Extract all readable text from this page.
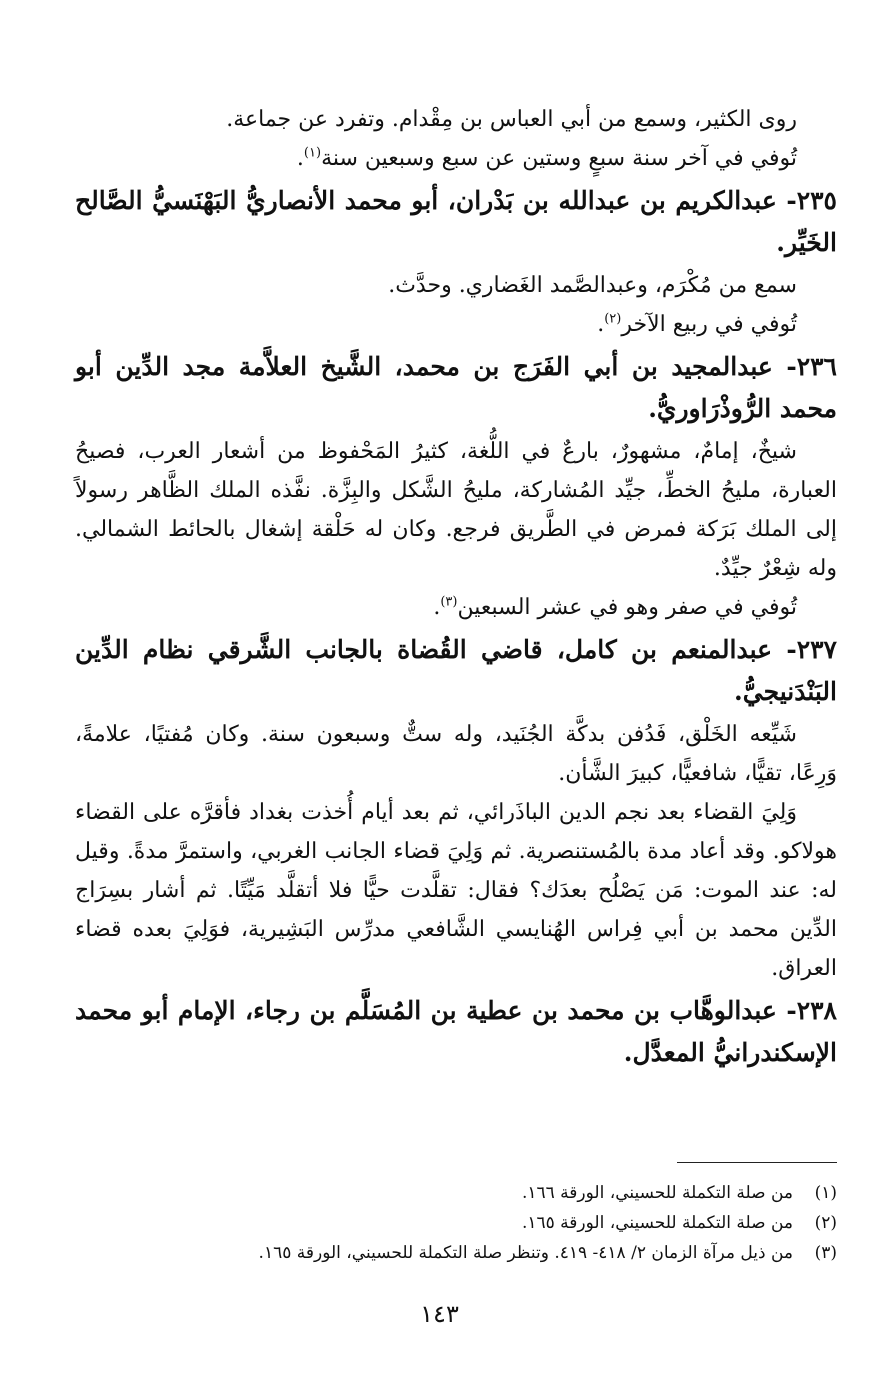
روى الكثير، وسمع من أبي العباس بن مِقْدام. وتفرد عن جماعة.

تُوفي في آخر سنة سبعٍ وستين عن سبع وسبعين سنة$^{(١)}$.

٢٣٥- عبدالكريم بن عبدالله بن بَدْران، أبو محمد الأنصاريُّ البَهْنَسيُّ الصَّالح الخَيِّر.

سمع من مُكْرَم، وعبدالصَّمد الغَضاري. وحدَّث.

تُوفي في ربيع الآخر$^{(٢)}$.

٢٣٦- عبدالمجيد بن أبي الفَرَج بن محمد، الشَّيخ العلاَّمة مجد الدِّين أبو محمد الرُّوذْرَاوريُّ.

شيخٌ، إمامٌ، مشهورٌ، بارعٌ في اللُّغة، كثيرُ المَحْفوظ من أشعار العرب، فصيحُ العبارة، مليحُ الخطِّ، جيِّد المُشاركة، مليحُ الشَّكل والبِزَّة. نفَّذه الملك الظَّاهر رسولاً إلى الملك بَرَكة فمرض في الطَّريق فرجع. وكان له حَلْقة إشغال بالحائط الشمالي. وله شِعْرٌ جيِّدٌ.

تُوفي في صفر وهو في عشر السبعين$^{(٣)}$.

٢٣٧- عبدالمنعم بن كامل، قاضي القُضاة بالجانب الشَّرقي نظام الدِّين البَنْدَنيجيُّ.

شَيِّعه الخَلْق، فَدُفن بدكَّة الجُنَيد، وله ستٌّ وسبعون سنة. وكان مُفتيًا، علامةً، وَرِعًا، تقيًّا، شافعيًّا، كبيرَ الشَّأن.

وَلِيَ القضاء بعد نجم الدين الباذَرائي، ثم بعد أيام أُخذت بغداد فأقرَّه على القضاء هولاكو. وقد أعاد مدة بالمُستنصرية. ثم وَلِيَ قضاء الجانب الغربي، واستمرَّ مدةً. وقيل له: عند الموت: مَن يَصْلُح بعدَك؟ فقال: تقلَّدت حيًّا فلا أتقلَّد مَيِّتًا. ثم أشار بسِرَاج الدِّين محمد بن أبي فِراس الهُنايسي الشَّافعي مدرِّس البَشِيرية، فوَلِيَ بعده قضاء العراق.

٢٣٨- عبدالوهَّاب بن محمد بن عطية بن المُسَلَّم بن رجاء، الإمام أبو محمد الإسكندرانيُّ المعدَّل.

(١)
من صلة التكملة للحسيني، الورقة ١٦٦.

(٢)
من صلة التكملة للحسيني، الورقة ١٦٥.

(٣)
من ذيل مرآة الزمان ٢/ ٤١٨- ٤١٩. وتنظر صلة التكملة للحسيني، الورقة ١٦٥.

١٤٣
